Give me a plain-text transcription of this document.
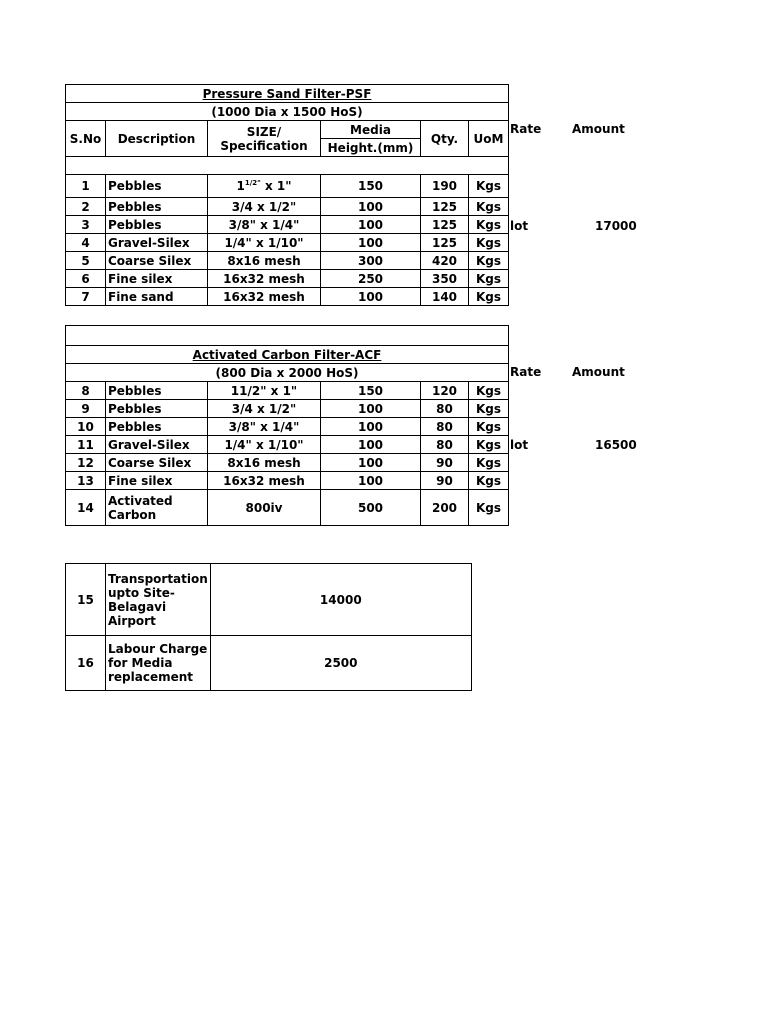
Pressure Sand Filter-PSF					
(1000 Dia x 1500 HoS)					
S.No	Description	SIZE/ Specification	Media	Qty.	UoM
			Height.(mm)		

1	Pebbles	$1^{1/2"}$ x 1"	150	190	Kgs
2	Pebbles	3/4 x 1/2"	100	125	Kgs
3	Pebbles	3/8" x 1/4"	100	125	Kgs
4	Gravel-Silex	1/4" x 1/10"	100	125	Kgs
5	Coarse Silex	8x16 mesh	300	420	Kgs
6	Fine silex	16x32 mesh	250	350	Kgs
7	Fine sand	16x32 mesh	100	140	Kgs
Rate	Amount
lot	17000

Activated Carbon Filter-ACF					
(800 Dia x 2000 HoS)					
8	Pebbles	11/2" x 1"	150	120	Kgs
9	Pebbles	3/4 x 1/2"	100	80	Kgs
10	Pebbles	3/8" x 1/4"	100	80	Kgs
11	Gravel-Silex	1/4" x 1/10"	100	80	Kgs
12	Coarse Silex	8x16 mesh	100	90	Kgs
13	Fine silex	16x32 mesh	100	90	Kgs
14	Activated Carbon	800iv	500	200	Kgs
Rate	Amount
lot	16500
15	Transportation upto Site-Belagavi Airport	14000
16	Labour Charge for Media replacement	2500
